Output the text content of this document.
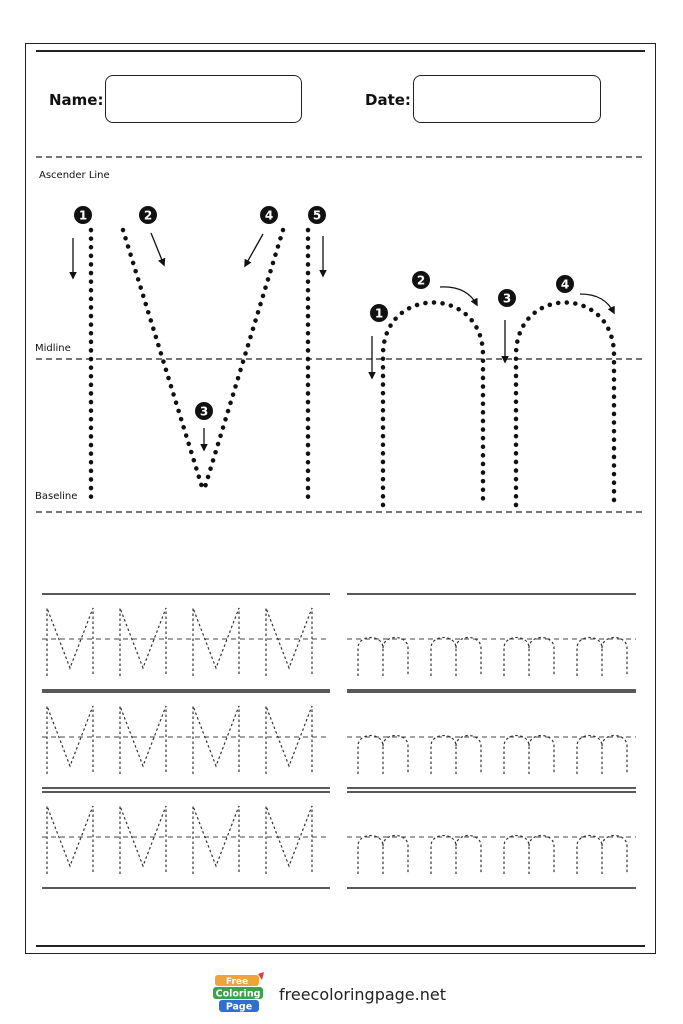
Name:	Date:
Ascender Line
Midline
Baseline
1	2
3
4	5
1
2
3
4
Free
Coloring
Page
freecoloringpage.net
